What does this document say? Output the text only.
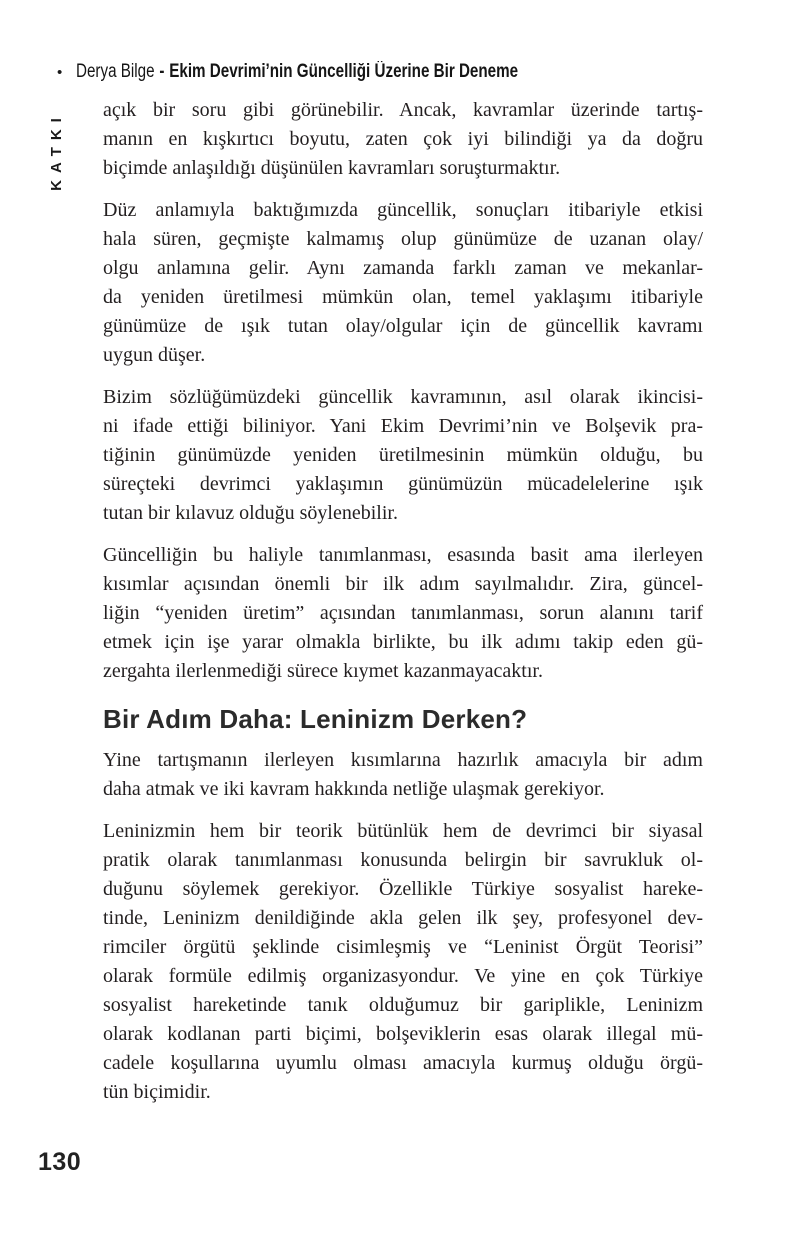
• Derya Bilge - Ekim Devrimi’nin Güncelliği Üzerine Bir Deneme
KATKI
açık bir soru gibi görünebilir. Ancak, kavramlar üzerinde tartış-
manın en kışkırtıcı boyutu, zaten çok iyi bilindiği ya da doğru
biçimde anlaşıldığı düşünülen kavramları soruşturmaktır.
Düz anlamıyla baktığımızda güncellik, sonuçları itibariyle etkisi
hala süren, geçmişte kalmamış olup günümüze de uzanan olay/
olgu anlamına gelir. Aynı zamanda farklı zaman ve mekanlar-
da yeniden üretilmesi mümkün olan, temel yaklaşımı itibariyle
günümüze de ışık tutan olay/olgular için de güncellik kavramı
uygun düşer.
Bizim sözlüğümüzdeki güncellik kavramının, asıl olarak ikincisi-
ni ifade ettiği biliniyor. Yani Ekim Devrimi’nin ve Bolşevik pra-
tiğinin günümüzde yeniden üretilmesinin mümkün olduğu, bu
süreçteki devrimci yaklaşımın günümüzün mücadelelerine ışık
tutan bir kılavuz olduğu söylenebilir.
Güncelliğin bu haliyle tanımlanması, esasında basit ama ilerleyen
kısımlar açısından önemli bir ilk adım sayılmalıdır. Zira, güncel-
liğin “yeniden üretim” açısından tanımlanması, sorun alanını tarif
etmek için işe yarar olmakla birlikte, bu ilk adımı takip eden gü-
zergahta ilerlenmediği sürece kıymet kazanmayacaktır.
Bir Adım Daha: Leninizm Derken?
Yine tartışmanın ilerleyen kısımlarına hazırlık amacıyla bir adım
daha atmak ve iki kavram hakkında netliğe ulaşmak gerekiyor.
Leninizmin hem bir teorik bütünlük hem de devrimci bir siyasal
pratik olarak tanımlanması konusunda belirgin bir savrukluk ol-
duğunu söylemek gerekiyor. Özellikle Türkiye sosyalist hareke-
tinde, Leninizm denildiğinde akla gelen ilk şey, profesyonel dev-
rimciler örgütü şeklinde cisimleşmiş ve “Leninist Örgüt Teorisi”
olarak formüle edilmiş organizasyondur. Ve yine en çok Türkiye
sosyalist hareketinde tanık olduğumuz bir gariplikle, Leninizm
olarak kodlanan parti biçimi, bolşeviklerin esas olarak illegal mü-
cadele koşullarına uyumlu olması amacıyla kurmuş olduğu örgü-
tün biçimidir.
130
